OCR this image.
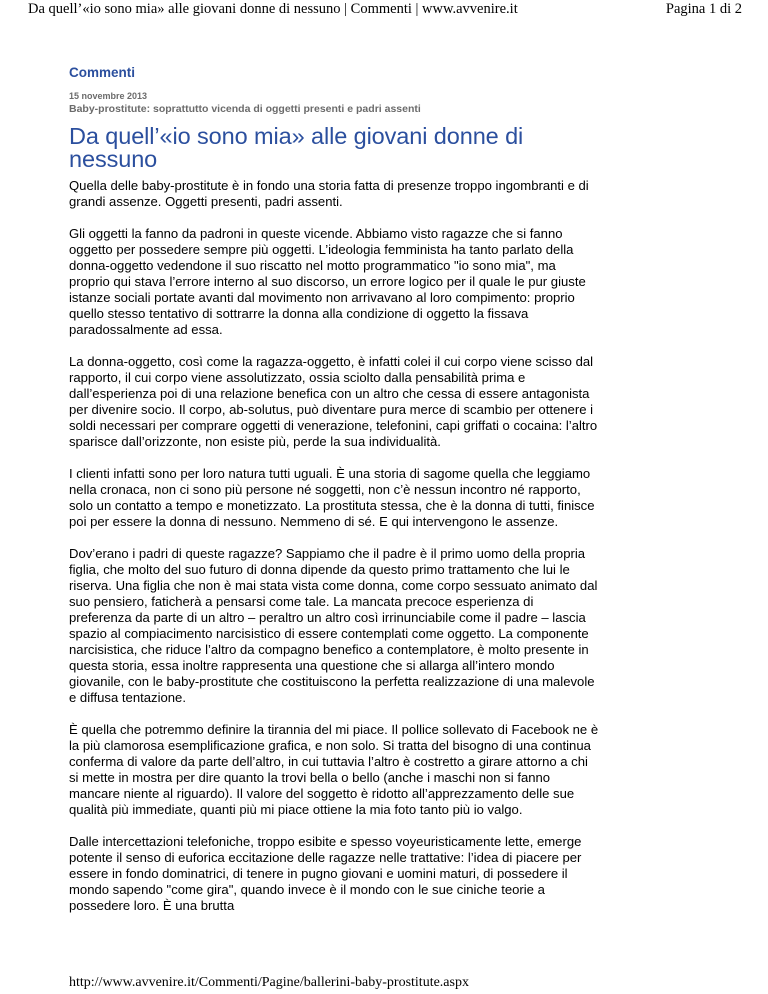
Da quell’«io sono mia» alle giovani donne di nessuno | Commenti | www.avvenire.it	Pagina 1 di 2
Commenti
15 novembre 2013
Baby-prostitute: soprattutto vicenda di oggetti presenti e padri assenti
Da quell’«io sono mia» alle giovani donne di nessuno

Quella delle baby-prostitute è in fondo una storia fatta di presenze troppo ingombranti e di grandi assenze. Oggetti presenti, padri assenti.

Gli oggetti la fanno da padroni in queste vicende. Abbiamo visto ragazze che si fanno oggetto per possedere sempre più oggetti. L’ideologia femminista ha tanto parlato della donna-oggetto vedendone il suo riscatto nel motto programmatico "io sono mia", ma proprio qui stava l’errore interno al suo discorso, un errore logico per il quale le pur giuste istanze sociali portate avanti dal movimento non arrivavano al loro compimento: proprio quello stesso tentativo di sottrarre la donna alla condizione di oggetto la fissava paradossalmente ad essa.

La donna-oggetto, così come la ragazza-oggetto, è infatti colei il cui corpo viene scisso dal rapporto, il cui corpo viene assolutizzato, ossia sciolto dalla pensabilità prima e dall’esperienza poi di una relazione benefica con un altro che cessa di essere antagonista per divenire socio. Il corpo, ab-solutus, può diventare pura merce di scambio per ottenere i soldi necessari per comprare oggetti di venerazione, telefonini, capi griffati o cocaina: l’altro sparisce dall’orizzonte, non esiste più, perde la sua individualità.

I clienti infatti sono per loro natura tutti uguali. È una storia di sagome quella che leggiamo nella cronaca, non ci sono più persone né soggetti, non c’è nessun incontro né rapporto, solo un contatto a tempo e monetizzato. La prostituta stessa, che è la donna di tutti, finisce poi per essere la donna di nessuno. Nemmeno di sé. E qui intervengono le assenze.

Dov’erano i padri di queste ragazze? Sappiamo che il padre è il primo uomo della propria figlia, che molto del suo futuro di donna dipende da questo primo trattamento che lui le riserva. Una figlia che non è mai stata vista come donna, come corpo sessuato animato dal suo pensiero, faticherà a pensarsi come tale. La mancata precoce esperienza di preferenza da parte di un altro – peraltro un altro così irrinunciabile come il padre – lascia spazio al compiacimento narcisistico di essere contemplati come oggetto. La componente narcisistica, che riduce l’altro da compagno benefico a contemplatore, è molto presente in questa storia, essa inoltre rappresenta una questione che si allarga all’intero mondo giovanile, con le baby-prostitute che costituiscono la perfetta realizzazione di una malevole e diffusa tentazione.

È quella che potremmo definire la tirannia del mi piace. Il pollice sollevato di Facebook ne è la più clamorosa esemplificazione grafica, e non solo. Si tratta del bisogno di una continua conferma di valore da parte dell’altro, in cui tuttavia l’altro è costretto a girare attorno a chi si mette in mostra per dire quanto la trovi bella o bello (anche i maschi non si fanno mancare niente al riguardo). Il valore del soggetto è ridotto all’apprezzamento delle sue qualità più immediate, quanti più mi piace ottiene la mia foto tanto più io valgo.

Dalle intercettazioni telefoniche, troppo esibite e spesso voyeuristicamente lette, emerge potente il senso di euforica eccitazione delle ragazze nelle trattative: l’idea di piacere per essere in fondo dominatrici, di tenere in pugno giovani e uomini maturi, di possedere il mondo sapendo "come gira", quando invece è il mondo con le sue ciniche teorie a possedere loro. È una brutta

http://www.avvenire.it/Commenti/Pagine/ballerini-baby-prostitute.aspx
